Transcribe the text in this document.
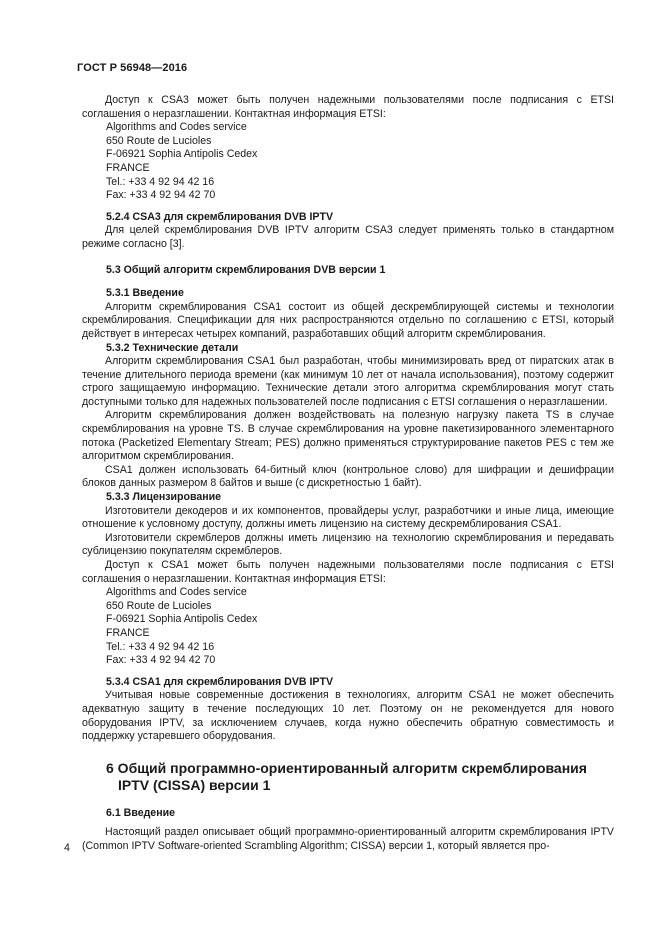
ГОСТ Р 56948—2016

Доступ к CSA3 может быть получен надежными пользователями после подписания с ETSI соглашения о неразглашении. Контактная информация ETSI:

Algorithms and Codes service
650 Route de Lucioles
F-06921 Sophia Antipolis Cedex
FRANCE
Tel.: +33 4 92 94 42 16
Fax: +33 4 92 94 42 70
5.2.4 CSA3 для скремблирования DVB IPTV

Для целей скремблирования DVB IPTV алгоритм CSA3 следует применять только в стандартном режиме согласно [3].

5.3 Общий алгоритм скремблирования DVB версии 1
5.3.1 Введение

Алгоритм скремблирования CSA1 состоит из общей дескремблирующей системы и технологии скремблирования. Спецификации для них распространяются отдельно по соглашению с ETSI, который действует в интересах четырех компаний, разработавших общий алгоритм скремблирования.

5.3.2 Технические детали

Алгоритм скремблирования CSA1 был разработан, чтобы минимизировать вред от пиратских атак в течение длительного периода времени (как минимум 10 лет от начала использования), поэтому содержит строго защищаемую информацию. Технические детали этого алгоритма скремблирования могут стать доступными только для надежных пользователей после подписания с ETSI соглашения о неразглашении.

Алгоритм скремблирования должен воздействовать на полезную нагрузку пакета TS в случае скремблирования на уровне TS. В случае скремблирования на уровне пакетизированного элементарного потока (Packetized Elementary Stream; PES) должно применяться структурирование пакетов PES с тем же алгоритмом скремблирования.

CSA1 должен использовать 64-битный ключ (контрольное слово) для шифрации и дешифрации блоков данных размером 8 байтов и выше (с дискретностью 1 байт).

5.3.3 Лицензирование

Изготовители декодеров и их компонентов, провайдеры услуг, разработчики и иные лица, имеющие отношение к условному доступу, должны иметь лицензию на систему дескремблирования CSA1.

Изготовители скремблеров должны иметь лицензию на технологию скремблирования и передавать сублицензию покупателям скремблеров.

Доступ к CSA1 может быть получен надежными пользователями после подписания с ETSI соглашения о неразглашении. Контактная информация ETSI:

Algorithms and Codes service
650 Route de Lucioles
F-06921 Sophia Antipolis Cedex
FRANCE
Tel.: +33 4 92 94 42 16
Fax: +33 4 92 94 42 70
5.3.4 CSA1 для скремблирования DVB IPTV

Учитывая новые современные достижения в технологиях, алгоритм CSA1 не может обеспечить адекватную защиту в течение последующих 10 лет. Поэтому он не рекомендуется для нового оборудования IPTV, за исключением случаев, когда нужно обеспечить обратную совместимость и поддержку устаревшего оборудования.

6 Общий программно-ориентированный алгоритм скремблирования
IPTV (CISSA) версии 1
6.1 Введение

Настоящий раздел описывает общий программно-ориентированный алгоритм скремблирования IPTV (Common IPTV Software-oriented Scrambling Algorithm; CISSA) версии 1, который является про-

4
